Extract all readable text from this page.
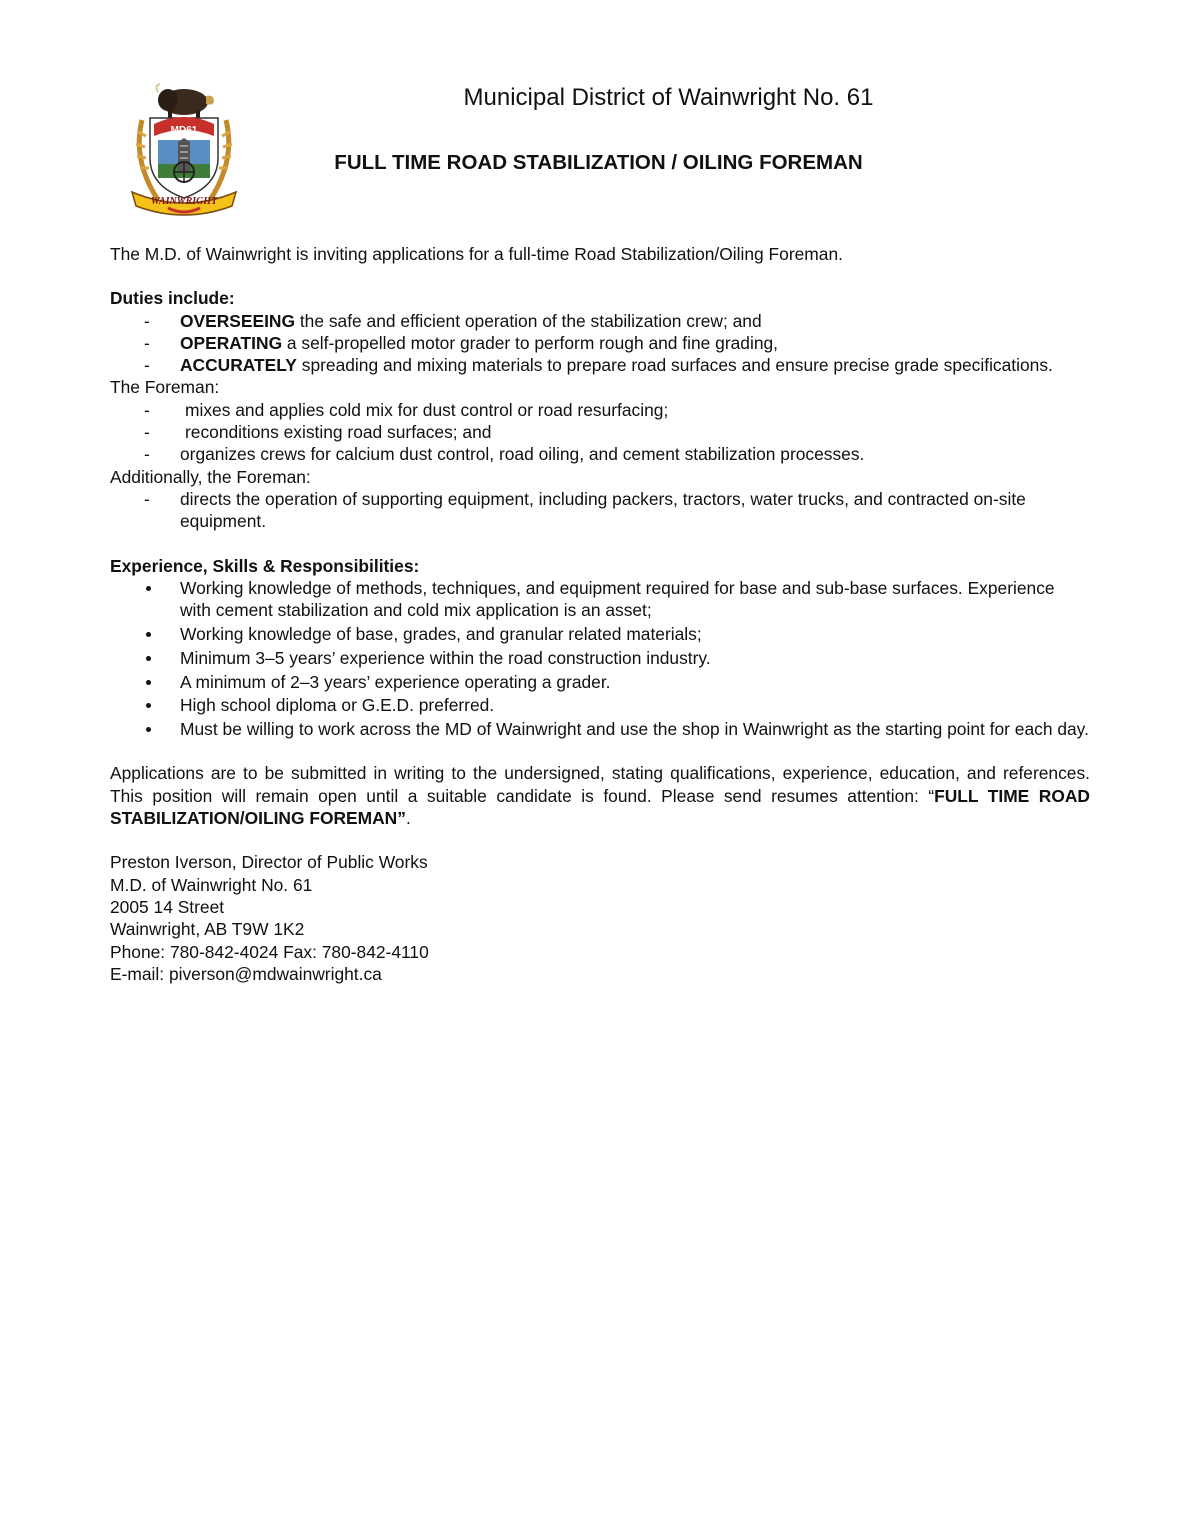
MD61
WAINWRIGHT
Municipal District of Wainwright No. 61
FULL TIME ROAD STABILIZATION / OILING FOREMAN

The M.D. of Wainwright is inviting applications for a full-time Road Stabilization/Oiling Foreman.

Duties include:

- OVERSEEING the safe and efficient operation of the stabilization crew; and
- OPERATING a self-propelled motor grader to perform rough and fine grading,
- ACCURATELY spreading and mixing materials to prepare road surfaces and ensure precise grade specifications.

The Foreman:

- mixes and applies cold mix for dust control or road resurfacing;
- reconditions existing road surfaces; and
- organizes crews for calcium dust control, road oiling, and cement stabilization processes.

Additionally, the Foreman:

- directs the operation of supporting equipment, including packers, tractors, water trucks, and contracted on-site equipment.

Experience, Skills & Responsibilities:

Working knowledge of methods, techniques, and equipment required for base and sub-base surfaces. Experience with cement stabilization and cold mix application is an asset;
Working knowledge of base, grades, and granular related materials;
Minimum 3–5 years’ experience within the road construction industry.
A minimum of 2–3 years’ experience operating a grader.
High school diploma or G.E.D. preferred.
Must be willing to work across the MD of Wainwright and use the shop in Wainwright as the starting point for each day.

Applications are to be submitted in writing to the undersigned, stating qualifications, experience, education, and references. This position will remain open until a suitable candidate is found. Please send resumes attention: “FULL TIME ROAD STABILIZATION/OILING FOREMAN”.

Preston Iverson, Director of Public Works

M.D. of Wainwright No. 61

2005 14 Street

Wainwright, AB T9W 1K2

Phone: 780-842-4024 Fax: 780-842-4110

E-mail: piverson@mdwainwright.ca
